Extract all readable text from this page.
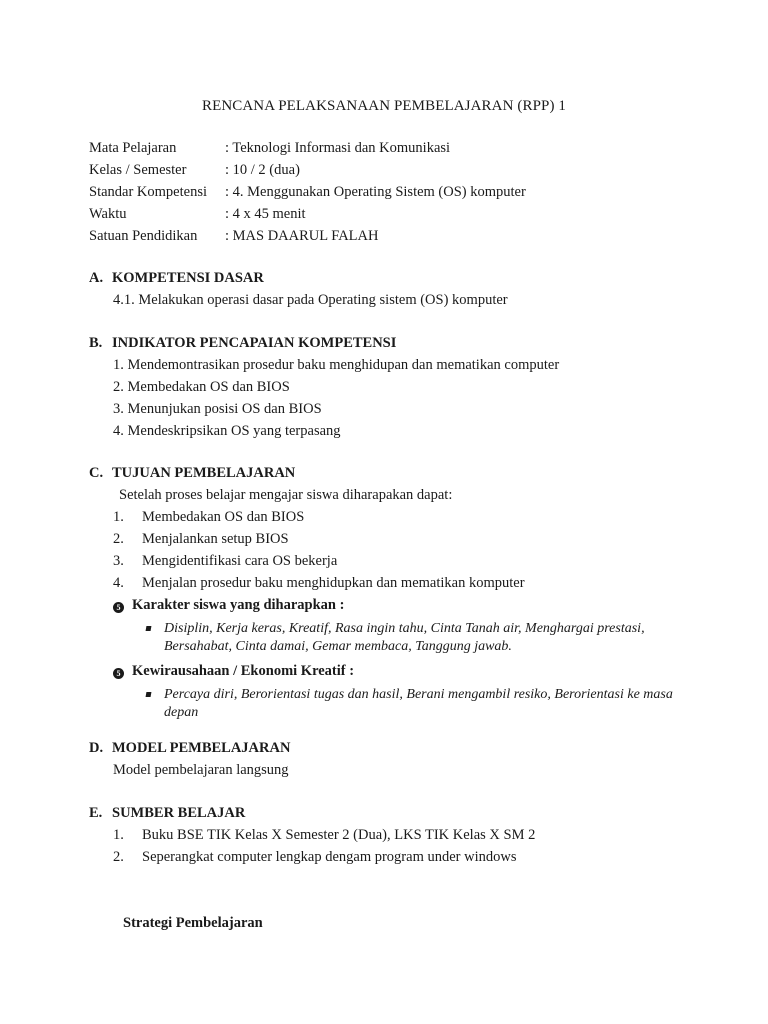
RENCANA PELAKSANAAN PEMBELAJARAN (RPP) 1
Mata Pelajaran	: Teknologi Informasi dan Komunikasi
Kelas / Semester	: 10 / 2 (dua)
Standar Kompetensi : 4. Menggunakan Operating Sistem (OS) komputer
Waktu	: 4 x 45 menit
Satuan Pendidikan : MAS DAARUL FALAH
A. KOMPETENSI DASAR
4.1. Melakukan operasi dasar pada Operating sistem (OS) komputer
B. INDIKATOR PENCAPAIAN KOMPETENSI
1. Mendemontrasikan prosedur baku menghidupan dan mematikan computer
2. Membedakan OS dan BIOS
3. Menunjukan posisi OS dan BIOS
4. Mendeskripsikan OS yang terpasang
C. TUJUAN PEMBELAJARAN
Setelah proses belajar mengajar siswa diharapakan dapat:
1. Membedakan OS dan BIOS
2. Menjalankan setup BIOS
3. Mengidentifikasi cara OS bekerja
4. Menjalan prosedur baku menghidupkan dan mematikan komputer
5 Karakter siswa yang diharapkan :
Disiplin, Kerja keras, Kreatif, Rasa ingin tahu, Cinta Tanah air, Menghargai prestasi, Bersahabat, Cinta damai, Gemar membaca, Tanggung jawab.
5 Kewirausahaan / Ekonomi Kreatif :
Percaya diri, Berorientasi tugas dan hasil, Berani mengambil resiko, Berorientasi ke masa depan
D. MODEL PEMBELAJARAN
Model pembelajaran langsung
E. SUMBER BELAJAR
1. Buku BSE TIK Kelas X Semester 2 (Dua), LKS TIK Kelas X SM 2
2. Seperangkat computer lengkap dengam program under windows
Strategi Pembelajaran
